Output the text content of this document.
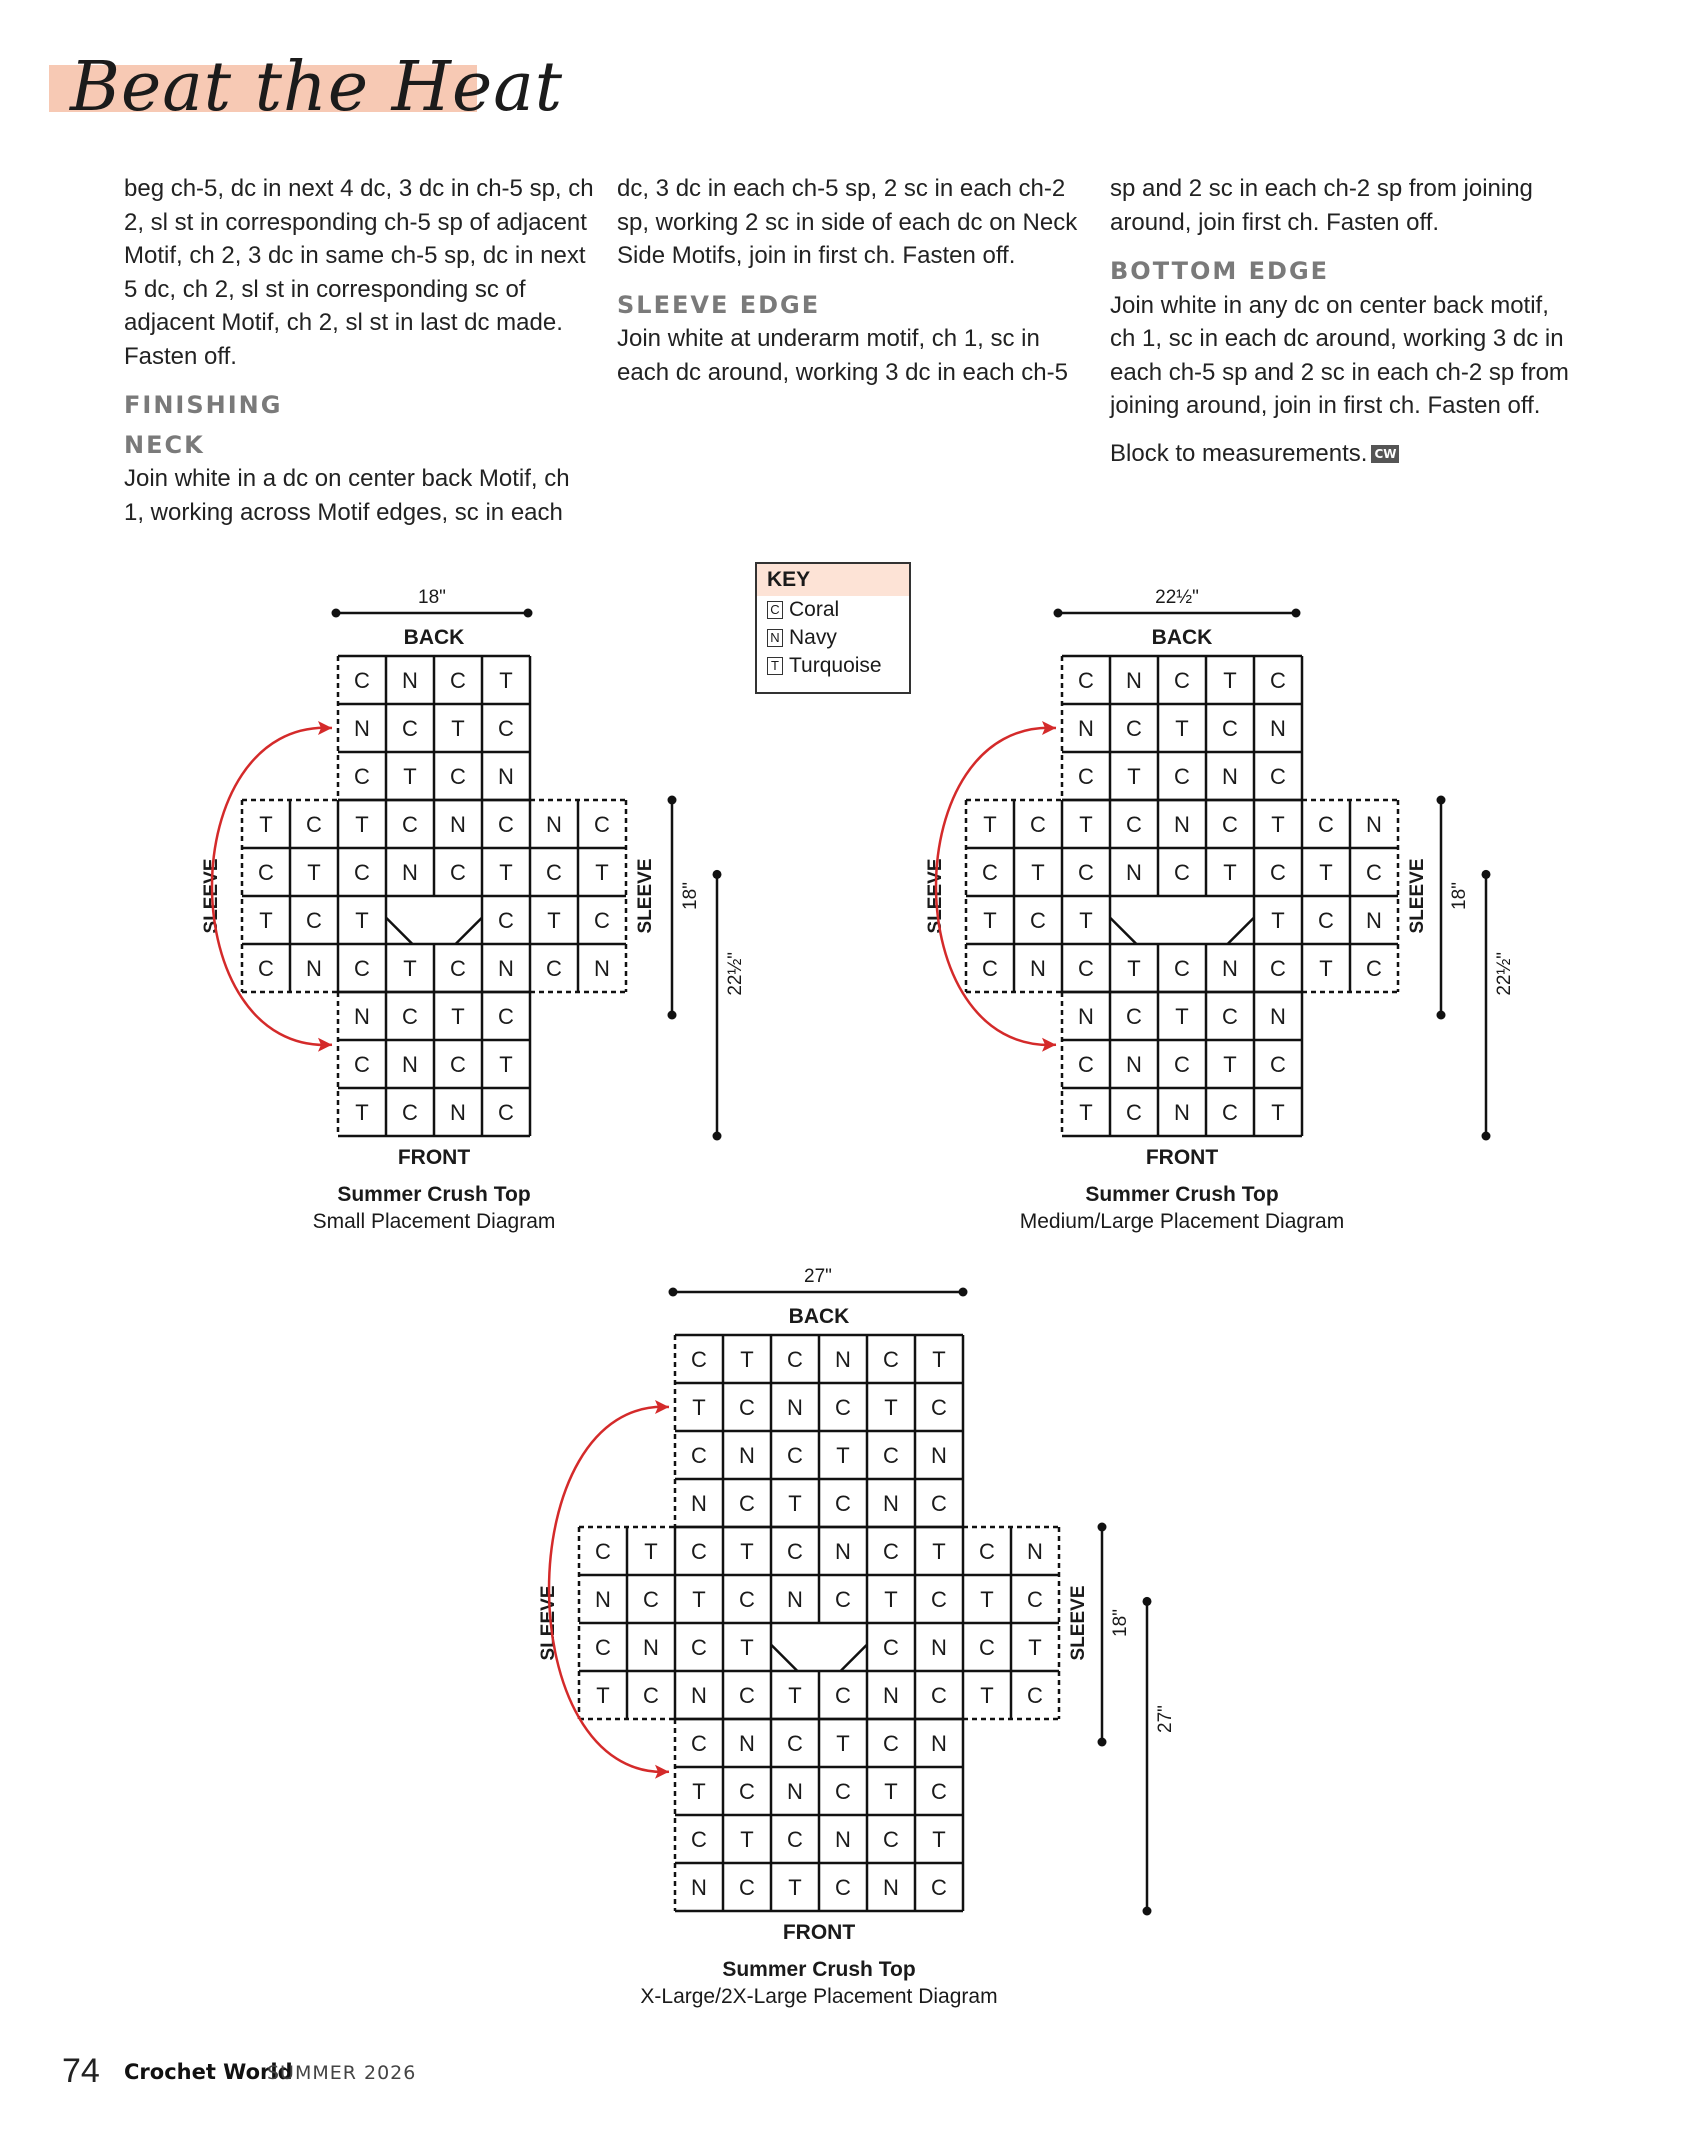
Beat the Heat

beg ch-5, dc in next 4 dc, 3 dc in ch-5 sp, ch 2, sl st in corresponding ch-5 sp of adjacent Motif, ch 2, 3 dc in same ch-5 sp, dc in next 5 dc, ch 2, sl st in corresponding sc of adjacent Motif, ch 2, sl st in last dc made. Fasten off.

FINISHING

NECK

Join white in a dc on center back Motif, ch 1, working across Motif edges, sc in each

dc, 3 dc in each ch-5 sp, 2 sc in each ch-2 sp, working 2 sc in side of each dc on Neck Side Motifs, join in first ch. Fasten off.

SLEEVE EDGE

Join white at underarm motif, ch 1, sc in each dc around, working 3 dc in each ch-5

sp and 2 sc in each ch-2 sp from joining around, join first ch. Fasten off.

BOTTOM EDGE

Join white in any dc on center back motif, ch 1, sc in each dc around, working 3 dc in each ch-5 sp and 2 sc in each ch-2 sp from joining around, join in first ch. Fasten off.

Block to measurements. CW

KEY
C Coral
N Navy
T Turquoise
C N C T
N C T C
C T C N
T C T C N C N C
C T C N C T C T
T C T	C T C
C N C T C N C N
N C T C
C N C T
T C N C
BACK
FRONT
18"
SLEEVE	SLEEVE 18"
22½"
Summer Crush Top
Small Placement Diagram
C N C T C
N C T C N
C T C N C
T C T C N C T C N
C T C N C T C T C
T C T	T C N
C N C T C N C T C
N C T C N
C N C T C
T C N C T
BACK
FRONT
22½"
SLEEVE	SLEEVE 18"
22½"
Summer Crush Top
Medium/Large Placement Diagram
C T C N C T
T C N C T C
C N C T C N
N C T C N C
C T C T C N C T C N
N C T C N C T C T C
C N C T	C N C T
T C N C T C N C T C
C N C T C N
T C N C T C
C T C N C T
N C T C N C
BACK
FRONT
27"
SLEEVE	SLEEVE 18"
27"
Summer Crush Top
X-Large/2X-Large Placement Diagram
74 Crochet World
SUMMER 2026
